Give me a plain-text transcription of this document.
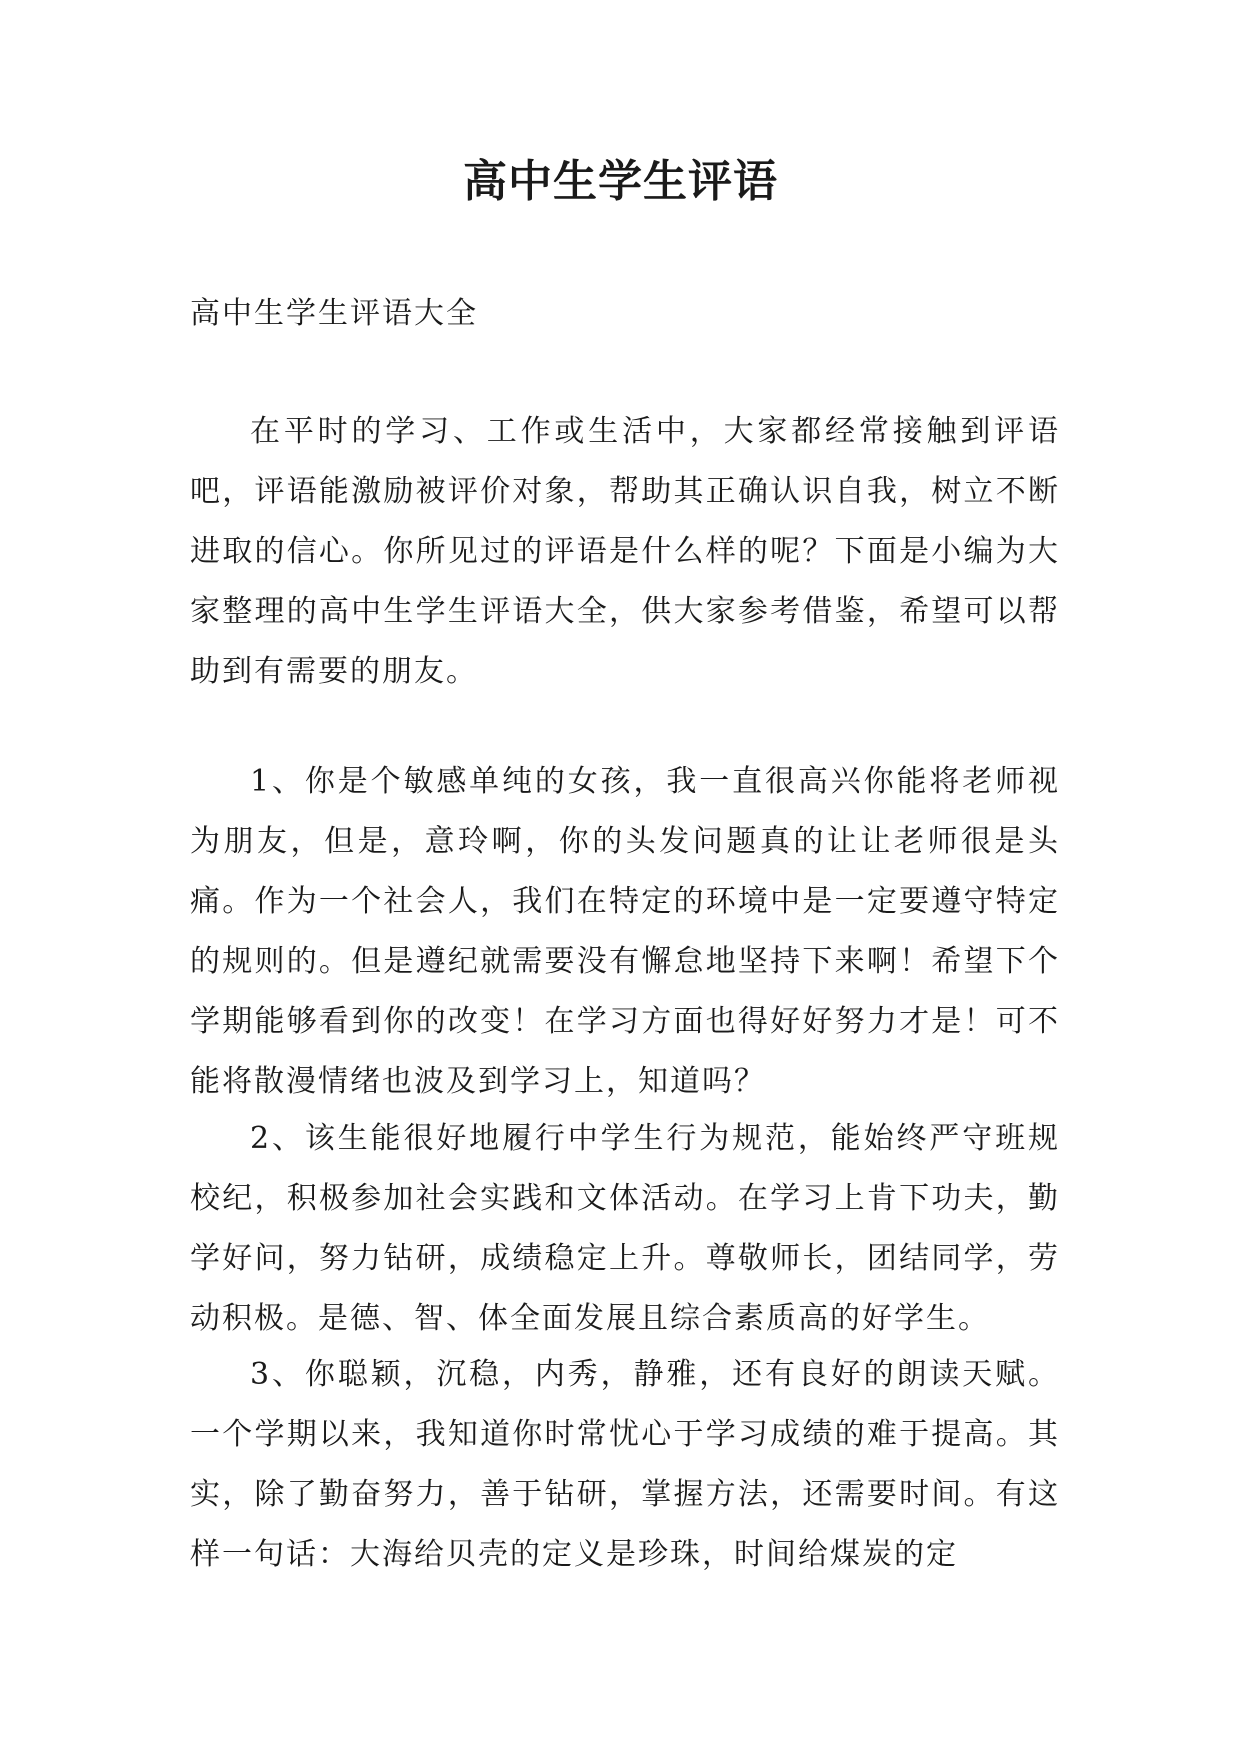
高中生学生评语

高中生学生评语大全

在平时的学习、工作或生活中，大家都经常接触到评语吧，评语能激励被评价对象，帮助其正确认识自我，树立不断进取的信心。你所见过的评语是什么样的呢？下面是小编为大家整理的高中生学生评语大全，供大家参考借鉴，希望可以帮助到有需要的朋友。

1、你是个敏感单纯的女孩，我一直很高兴你能将老师视为朋友，但是，意玲啊，你的头发问题真的让让老师很是头痛。作为一个社会人，我们在特定的环境中是一定要遵守特定的规则的。但是遵纪就需要没有懈怠地坚持下来啊！希望下个学期能够看到你的改变！在学习方面也得好好努力才是！可不能将散漫情绪也波及到学习上，知道吗？

2、该生能很好地履行中学生行为规范，能始终严守班规校纪，积极参加社会实践和文体活动。在学习上肯下功夫，勤学好问，努力钻研，成绩稳定上升。尊敬师长，团结同学，劳动积极。是德、智、体全面发展且综合素质高的好学生。

3、你聪颖，沉稳，内秀，静雅，还有良好的朗读天赋。一个学期以来，我知道你时常忧心于学习成绩的难于提高。其实，除了勤奋努力，善于钻研，掌握方法，还需要时间。有这样一句话：大海给贝壳的定义是珍珠，时间给煤炭的定
